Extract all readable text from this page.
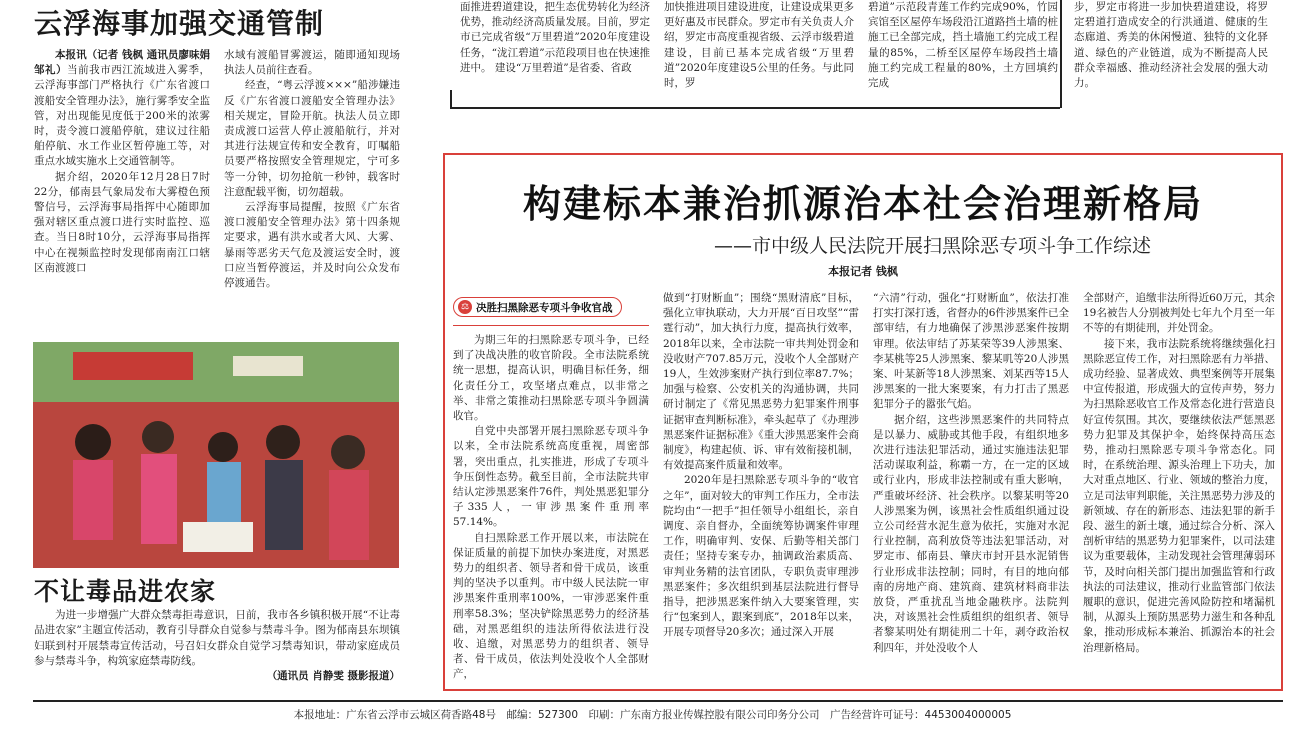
云浮海事加强交通管制

本报讯（记者 钱枫 通讯员廖味娟 邹礼）当前我市西江流域进入雾季，云浮海事部门严格执行《广东省渡口渡船安全管理办法》，施行雾季安全监管，对出现能见度低于200米的浓雾时，责令渡口渡船停航，建议过往船舶停航、水工作业区暂停施工等，对重点水域实施水上交通管制等。

据介绍，2020年12月28日7时22分，郁南县气象局发布大雾橙色预警信号，云浮海事局指挥中心随即加强对辖区重点渡口进行实时监控、巡查。当日8时10分，云浮海事局指挥中心在视频监控时发现郁南南江口辖区南渡渡口

水域有渡船冒雾渡运，随即通知现场执法人员前往查看。

经查，“粤云浮渡×××”船涉嫌违反《广东省渡口渡船安全管理办法》相关规定，冒险开航。执法人员立即责成渡口运营人停止渡船航行，并对其进行法规宣传和安全教育，叮嘱船员要严格按照安全管理规定，宁可多等一分钟，切勿抢航一秒钟，载客时注意配载平衡，切勿超载。

云浮海事局提醒，按照《广东省渡口渡船安全管理办法》第十四条规定要求，遇有洪水或者大风、大雾、暴雨等恶劣天气危及渡运安全时，渡口应当暂停渡运，并及时向公众发布停渡通告。

不让毒品进农家
为进一步增强广大群众禁毒拒毒意识，日前，我市各乡镇积极开展“不让毒品进农家”主题宣传活动，教育引导群众自觉参与禁毒斗争。图为郁南县东坝镇妇联到村开展禁毒宣传活动，号召妇女群众自觉学习禁毒知识，带动家庭成员参与禁毒斗争，构筑家庭禁毒防线。
（通讯员 肖静雯 摄影报道）
面推进碧道建设，把生态优势转化为经济优势，推动经济高质量发展。目前，罗定市已完成省级“万里碧道”2020年度建设任务，“泷江碧道”示范段项目也在快速推进中。 建设“万里碧道”是省委、省政
加快推进项目建设进度，让建设成果更多更好惠及市民群众。罗定市有关负责人介绍，罗定市高度重视省级、云浮市级碧道建设，目前已基本完成省级“万里碧道”2020年度建设5公里的任务。与此同时，罗
碧道”示范段青莲工作约完成90%，竹园宾馆至区屋停车场段沿江道路挡土墙的桩施工已全部完成，挡土墙施工约完成工程量的85%，二桥至区屋停车场段挡土墙施工约完成工程量的80%，土方回填约完成
步，罗定市将进一步加快碧道建设，将罗定碧道打造成安全的行洪通道、健康的生态廊道、秀美的休闲慢道、独特的文化驿道、绿色的产业链道，成为不断提高人民群众幸福感、推动经济社会发展的强大动力。
构建标本兼治抓源治本社会治理新格局
——市中级人民法院开展扫黑除恶专项斗争工作综述
本报记者 钱枫
⚖ 决胜扫黑除恶专项斗争收官战

为期三年的扫黑除恶专项斗争，已经到了决战决胜的收官阶段。全市法院系统统一思想，提高认识，明确目标任务，细化责任分工，攻坚堵点难点，以非常之举、非常之策推动扫黑除恶专项斗争圆满收官。

自党中央部署开展扫黑除恶专项斗争以来，全市法院系统高度重视，周密部署，突出重点，扎实推进，形成了专项斗争压倒性态势。截至目前，全市法院共审结认定涉黑恶案件76件，判处黑恶犯罪分子335人，一审涉黑案件重刑率57.14%。

自扫黑除恶工作开展以来，市法院在保证质量的前提下加快办案进度，对黑恶势力的组织者、领导者和骨干成员，该重判的坚决予以重判。市中级人民法院一审涉黑案件重刑率100%，一审涉恶案件重刑率58.3%；坚决铲除黑恶势力的经济基础，对黑恶组织的违法所得依法进行没收、追缴，对黑恶势力的组织者、领导者、骨干成员，依法判处没收个人全部财产，

做到“打财断血”；围绕“黑财清底”目标，强化立审执联动，大力开展“百日攻坚”“雷霆行动”，加大执行力度，提高执行效率，2018年以来，全市法院一审共判处罚金和没收财产707.85万元，没收个人全部财产19人，生效涉案财产执行到位率87.7%；加强与检察、公安机关的沟通协调，共同研讨制定了《常见黑恶势力犯罪案件刑事证据审查判断标准》，牵头起草了《办理涉黑恶案件证据标准》《重大涉黑恶案件会商制度》，构建起侦、诉、审有效衔接机制，有效提高案件质量和效率。

2020年是扫黑除恶专项斗争的“收官之年”，面对较大的审判工作压力，全市法院均由“一把手”担任领导小组组长，亲自调度、亲自督办，全面统筹协调案件审理工作，明确审判、安保、后勤等相关部门责任；坚持专案专办，抽调政治素质高、审判业务精的法官团队，专职负责审理涉黑恶案件；多次组织到基层法院进行督导指导，把涉黑恶案件纳入大要案管理，实行“包案到人，跟案到底”，2018年以来，开展专项督导20多次；通过深入开展

“六清”行动，强化“打财断血”，依法打准打实打深打透，省督办的6件涉黑案件已全部审结，有力地确保了涉黑涉恶案件按期审理。依法审结了苏某荣等39人涉黑案、李某桃等25人涉黑案、黎某叽等20人涉黑案、叶某新等18人涉黑案、刘某西等15人涉黑案的一批大案要案，有力打击了黑恶犯罪分子的嚣张气焰。

据介绍，这些涉黑恶案件的共同特点是以暴力、威胁或其他手段，有组织地多次进行违法犯罪活动，通过实施违法犯罪活动谋取利益，称霸一方，在一定的区域或行业内，形成非法控制或有重大影响，严重破坏经济、社会秩序。以黎某明等20人涉黑案为例，该黑社会性质组织通过设立公司经营水泥生意为依托，实施对水泥行业控制，高利放贷等违法犯罪活动，对罗定市、郁南县、肇庆市封开县水泥销售行业形成非法控制；同时，有目的地向郁南的房地产商、建筑商、建筑材料商非法放贷，严重扰乱当地金融秩序。法院判决，对该黑社会性质组织的组织者、领导者黎某明处有期徒刑二十年，剥夺政治权利四年，并处没收个人

全部财产，追缴非法所得近60万元，其余19名被告人分别被判处七年九个月至一年不等的有期徒刑，并处罚金。

接下来，我市法院系统将继续强化扫黑除恶宣传工作，对扫黑除恶有力举措、成功经验、显著成效、典型案例等开展集中宣传报道，形成强大的宣传声势，努力为扫黑除恶收官工作及常态化进行营造良好宣传氛围。其次，要继续依法严惩黑恶势力犯罪及其保护伞，始终保持高压态势，推动扫黑除恶专项斗争常态化。同时，在系统治理、源头治理上下功夫，加大对重点地区、行业、领域的整治力度，立足司法审判职能，关注黑恶势力涉及的新领域、存在的新形态、违法犯罪的新手段、滋生的新土壤，通过综合分析、深入剖析审结的黑恶势力犯罪案件，以司法建议为重要载体，主动发现社会管理薄弱环节，及时向相关部门提出加强监管和行政执法的司法建议，推动行业监管部门依法履职的意识，促进完善风险防控和堵漏机制，从源头上预防黑恶势力滋生和各种乱象，推动形成标本兼治、抓源治本的社会治理新格局。

本报地址：广东省云浮市云城区荷香路48号　邮编：527300　印刷：广东南方报业传媒控股有限公司印务分公司　广告经营许可证号：4453004000005
